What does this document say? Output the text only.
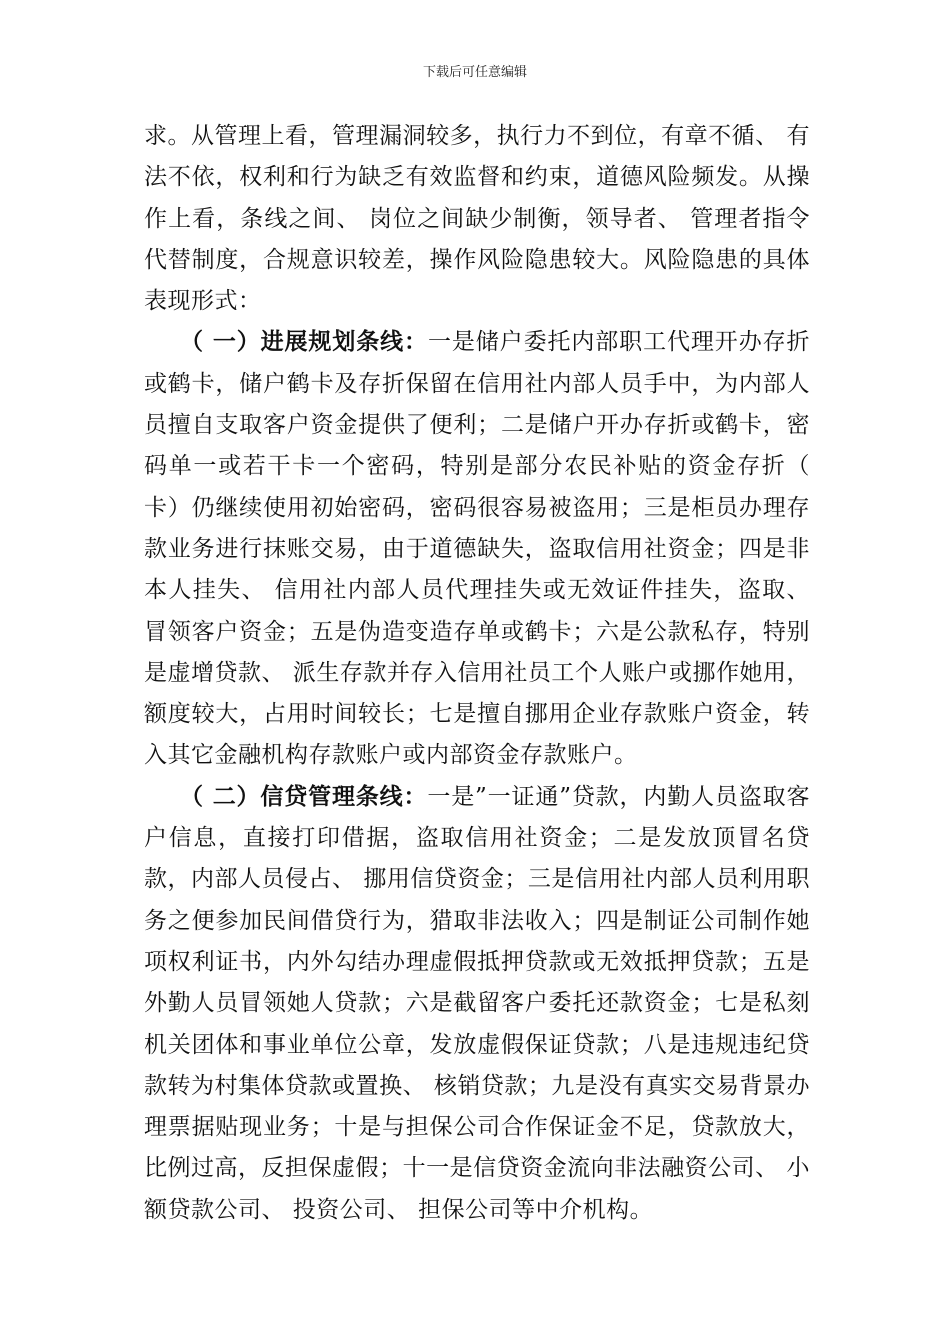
下载后可任意编辑

求。从管理上看，管理漏洞较多，执行力不到位，有章不循、 有法不依，权利和行为缺乏有效监督和约束，道德风险频发。从操作上看，条线之间、 岗位之间缺少制衡，领导者、 管理者指令代替制度，合规意识较差，操作风险隐患较大。风险隐患的具体表现形式：

（ 一）进展规划条线：一是储户委托内部职工代理开办存折或鹤卡，储户鹤卡及存折保留在信用社内部人员手中，为内部人员擅自支取客户资金提供了便利；二是储户开办存折或鹤卡，密码单一或若干卡一个密码，特别是部分农民补贴的资金存折（ 卡）仍继续使用初始密码，密码很容易被盗用；三是柜员办理存款业务进行抹账交易，由于道德缺失，盗取信用社资金；四是非本人挂失、 信用社内部人员代理挂失或无效证件挂失，盗取、 冒领客户资金；五是伪造变造存单或鹤卡；六是公款私存，特别是虚增贷款、 派生存款并存入信用社员工个人账户或挪作她用，额度较大，占用时间较长；七是擅自挪用企业存款账户资金，转入其它金融机构存款账户或内部资金存款账户。

（ 二）信贷管理条线：一是”一证通”贷款，内勤人员盗取客户信息，直接打印借据，盗取信用社资金；二是发放顶冒名贷款，内部人员侵占、 挪用信贷资金；三是信用社内部人员利用职务之便参加民间借贷行为，猎取非法收入；四是制证公司制作她项权利证书，内外勾结办理虚假抵押贷款或无效抵押贷款；五是外勤人员冒领她人贷款；六是截留客户委托还款资金；七是私刻机关团体和事业单位公章，发放虚假保证贷款；八是违规违纪贷款转为村集体贷款或置换、 核销贷款；九是没有真实交易背景办理票据贴现业务；十是与担保公司合作保证金不足，贷款放大，比例过高，反担保虚假；十一是信贷资金流向非法融资公司、 小额贷款公司、 投资公司、 担保公司等中介机构。
